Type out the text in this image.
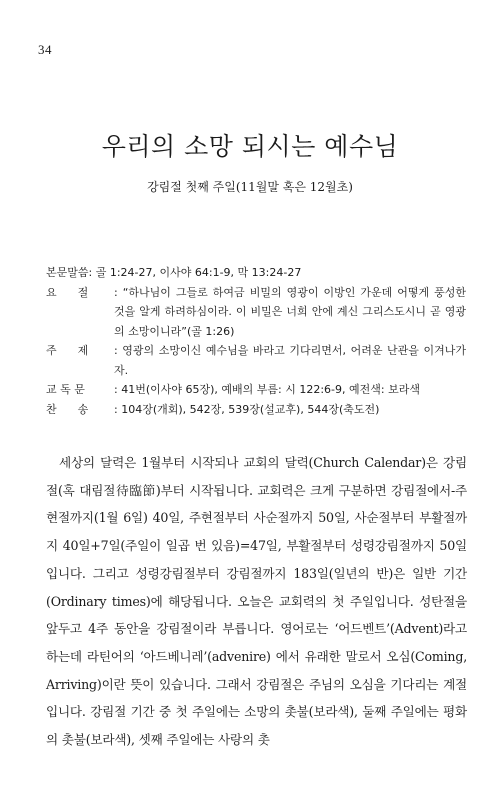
34
우리의 소망 되시는 예수님
강림절 첫째 주일(11월말 혹은 12월초)
본문말씀 : 골 1:24-27, 이사야 64:1-9, 막 13:24-27
요      절	: “하나님이 그들로 하여금 비밀의 영광이 이방인 가운데 어떻게 풍성한 것을 알게 하려하심이라. 이 비밀은 너희 안에 계신 그리스도시니 곧 영광의 소망이니라”(골 1:26)
주      제	: 영광의 소망이신 예수님을 바라고 기다리면서, 어려운 난관을 이겨나가자.
교 독 문	: 41번(이사야 65장), 예배의 부름: 시 122:6-9, 예전색: 보라색
찬      송	: 104장(개회), 542장, 539장(설교후), 544장(축도전)

세상의 달력은 1월부터 시작되나 교회의 달력(Church Calendar)은 강림절(혹 대림절待臨節)부터 시작됩니다. 교회력은 크게 구분하면 강림절에서-주현절까지(1월 6일) 40일, 주현절부터 사순절까지 50일, 사순절부터 부활절까지 40일+7일(주일이 일곱 번 있음)=47일, 부활절부터 성령강림절까지 50일입니다. 그리고 성령강림절부터 강림절까지 183일(일년의 반)은 일반 기간(Ordinary times)에 해당됩니다. 오늘은 교회력의 첫 주일입니다. 성탄절을 앞두고 4주 동안을 강림절이라 부릅니다. 영어로는 ‘어드벤트’(Advent)라고 하는데 라틴어의 ‘아드베니레’(advenire) 에서 유래한 말로서 오심(Coming, Arriving)이란 뜻이 있습니다. 그래서 강림절은 주님의 오심을 기다리는 계절입니다. 강림절 기간 중 첫 주일에는 소망의 촛불(보라색), 둘째 주일에는 평화의 촛불(보라색), 셋째 주일에는 사랑의 촛
